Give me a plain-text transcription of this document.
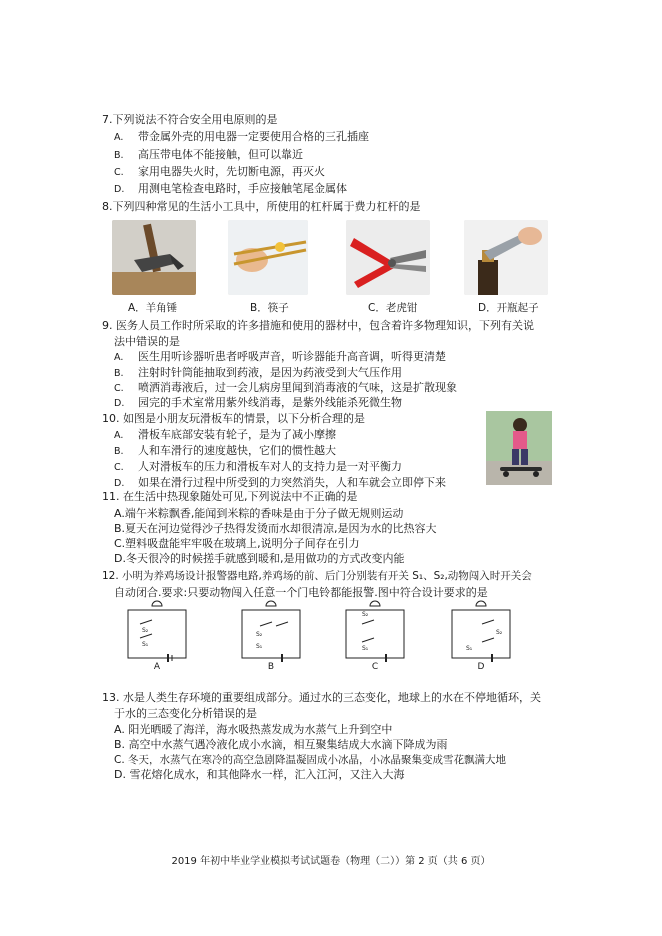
7.下列说法不符合安全用电原则的是
A. 带金属外壳的用电器一定要使用合格的三孔插座
B. 高压带电体不能接触，但可以靠近
C. 家用电器失火时，先切断电源，再灭火
D. 用测电笔检查电路时，手应接触笔尾金属体
8.下列四种常见的生活小工具中，所使用的杠杆属于费力杠杆的是
A．羊角锤	B．筷子	C．老虎钳	D．开瓶起子
9. 医务人员工作时所采取的许多措施和使用的器材中，包含着许多物理知识，下列有关说
法中错误的是
A. 医生用听诊器听患者呼吸声音，听诊器能升高音调，听得更清楚
B. 注射时针筒能抽取到药液，是因为药液受到大气压作用
C. 喷洒消毒液后，过一会儿病房里闻到消毒液的气味，这是扩散现象
D. 园完的手术室常用紫外线消毒，是紫外线能杀死微生物
10. 如图是小朋友玩滑板车的情景，以下分析合理的是
A. 滑板车底部安装有轮子，是为了减小摩擦
B. 人和车滑行的速度越快，它们的惯性越大
C. 人对滑板车的压力和滑板车对人的支持力是一对平衡力
D. 如果在滑行过程中所受到的力突然消失，人和车就会立即停下来
11. 在生活中热现象随处可见,下列说法中不正确的是
A.端午米粽飘香,能闻到米粽的香味是由于分子做无规则运动
B.夏天在河边觉得沙子热得发烫而水却很清凉,是因为水的比热容大
C.塑料吸盘能牢牢吸在玻璃上,说明分子间存在引力
D.冬天很冷的时候搓手就感到暖和,是用做功的方式改变内能
12. 小明为养鸡场设计报警器电路,养鸡场的前、后门分别装有开关 S₁、S₂,动物闯入时开关会
自动闭合.要求:只要动物闯入任意一个门电铃都能报警.图中符合设计要求的是
S₂
S₁
A
S₂
S₁
B
S₂
S₁
C
S₂
S₁
D
13. 水是人类生存环境的重要组成部分。通过水的三态变化，地球上的水在不停地循环，关
于水的三态变化分析错误的是
A. 阳光晒暖了海洋，海水吸热蒸发成为水蒸气上升到空中
B. 高空中水蒸气遇冷液化成小水滴，相互聚集结成大水滴下降成为雨
C. 冬天，水蒸气在寒冷的高空急剧降温凝固成小冰晶，小冰晶聚集变成雪花飘满大地
D. 雪花熔化成水，和其他降水一样，汇入江河，又注入大海
2019 年初中毕业学业模拟考试试题卷（物理（二））第 2 页（共 6 页）
